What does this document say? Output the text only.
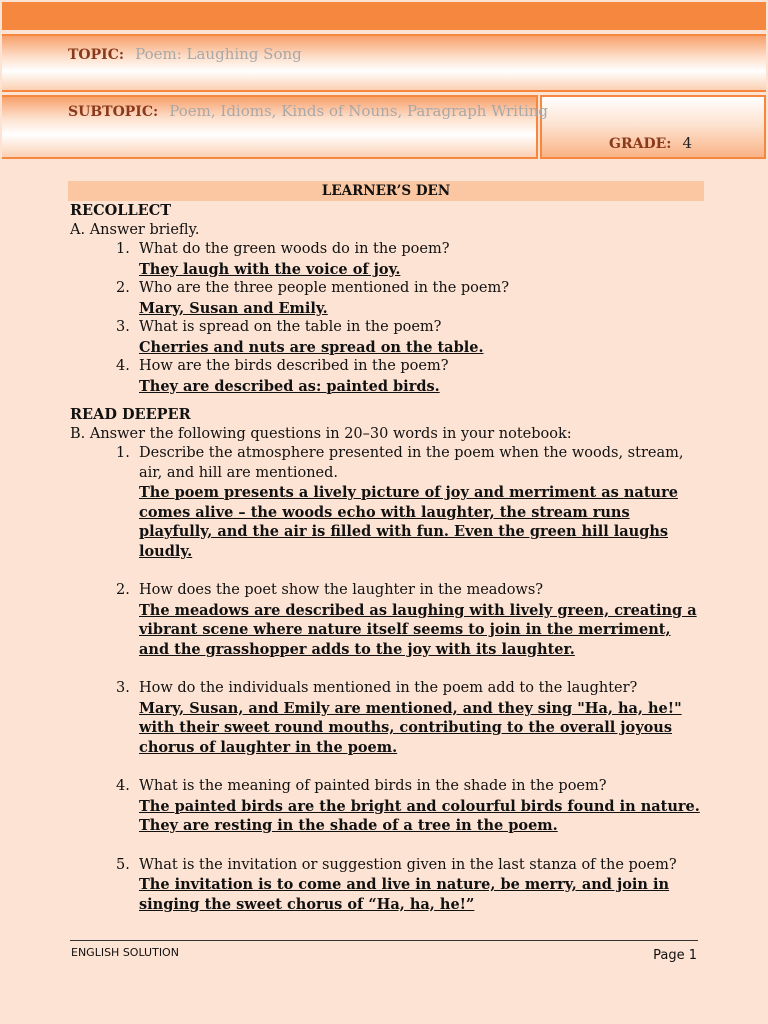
TOPIC: Poem: Laughing Song
SUBTOPIC: Poem, Idioms, Kinds of Nouns, Paragraph Writing
GRADE: 4
LEARNER’S DEN
RECOLLECT
A. Answer briefly.
1. What do the green woods do in the poem?
They laugh with the voice of joy.
2. Who are the three people mentioned in the poem?
Mary, Susan and Emily.
3. What is spread on the table in the poem?
Cherries and nuts are spread on the table.
4. How are the birds described in the poem?
They are described as: painted birds.
READ DEEPER
B. Answer the following questions in 20–30 words in your notebook:
1. Describe the atmosphere presented in the poem when the woods, stream, air, and hill are mentioned.
The poem presents a lively picture of joy and merriment as nature comes alive – the woods echo with laughter, the stream runs playfully, and the air is filled with fun. Even the green hill laughs loudly.
2. How does the poet show the laughter in the meadows?
The meadows are described as laughing with lively green, creating a vibrant scene where nature itself seems to join in the merriment, and the grasshopper adds to the joy with its laughter.
3. How do the individuals mentioned in the poem add to the laughter?
Mary, Susan, and Emily are mentioned, and they sing "Ha, ha, he!" with their sweet round mouths, contributing to the overall joyous chorus of laughter in the poem.
4. What is the meaning of painted birds in the shade in the poem?
The painted birds are the bright and colourful birds found in nature. They are resting in the shade of a tree in the poem.
5. What is the invitation or suggestion given in the last stanza of the poem?
The invitation is to come and live in nature, be merry, and join in singing the sweet chorus of “Ha, ha, he!”
ENGLISH SOLUTION	Page 1
